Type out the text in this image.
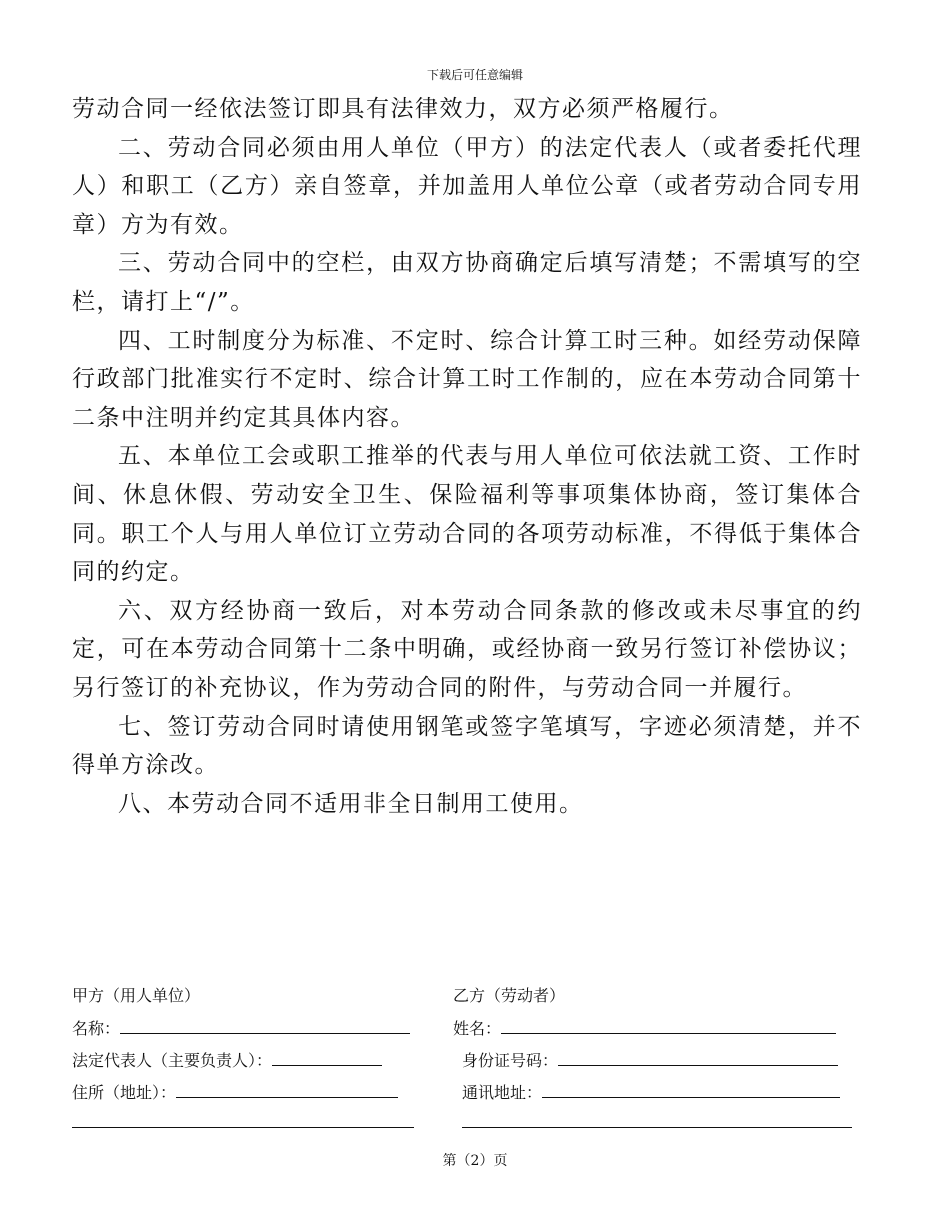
下载后可任意编辑

劳动合同一经依法签订即具有法律效力，双方必须严格履行。

二、劳动合同必须由用人单位（甲方）的法定代表人（或者委托代理人）和职工（乙方）亲自签章，并加盖用人单位公章（或者劳动合同专用章）方为有效。

三、劳动合同中的空栏，由双方协商确定后填写清楚；不需填写的空栏，请打上“/”。

四、工时制度分为标准、不定时、综合计算工时三种。如经劳动保障行政部门批准实行不定时、综合计算工时工作制的，应在本劳动合同第十二条中注明并约定其具体内容。

五、本单位工会或职工推举的代表与用人单位可依法就工资、工作时间、休息休假、劳动安全卫生、保险福利等事项集体协商，签订集体合同。职工个人与用人单位订立劳动合同的各项劳动标准，不得低于集体合同的约定。

六、双方经协商一致后，对本劳动合同条款的修改或未尽事宜的约定，可在本劳动合同第十二条中明确，或经协商一致另行签订补偿协议；另行签订的补充协议，作为劳动合同的附件，与劳动合同一并履行。

七、签订劳动合同时请使用钢笔或签字笔填写，字迹必须清楚，并不得单方涂改。

八、本劳动合同不适用非全日制用工使用。

甲方（用人单位）
名称：
法定代表人（主要负责人）：
住所（地址）：
乙方（劳动者）
姓名：
身份证号码：
通讯地址：
第（2）页
